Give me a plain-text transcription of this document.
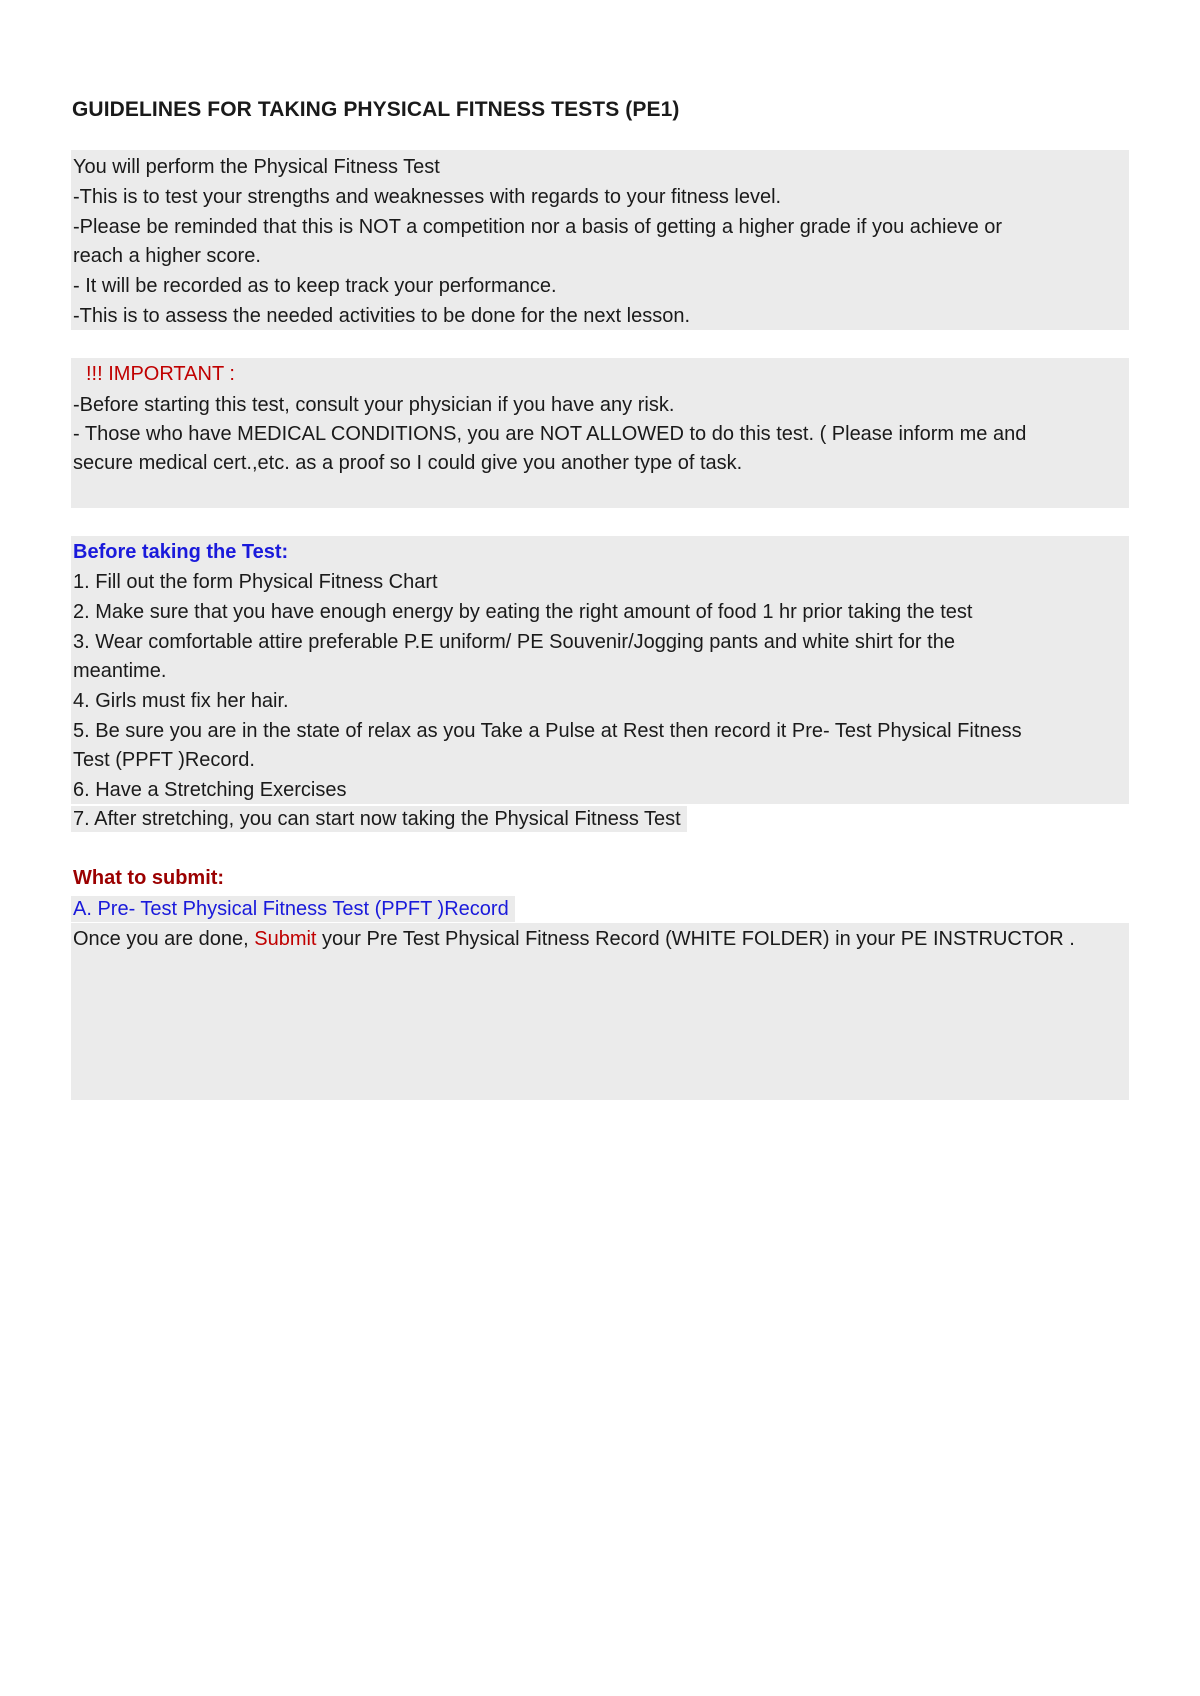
GUIDELINES FOR TAKING PHYSICAL FITNESS TESTS (PE1)
You will perform the Physical Fitness Test
-This is to test your strengths and weaknesses with regards to your fitness level.
-Please be reminded that this is NOT a competition nor a basis of getting a higher grade if you achieve or
reach a higher score.
- It will be recorded as to keep track your performance.
-This is to assess the needed activities to be done for the next lesson.
!!! IMPORTANT :
-Before starting this test, consult your physician if you have any risk.
- Those who have MEDICAL CONDITIONS, you are NOT ALLOWED to do this test. ( Please inform me and
secure medical cert.,etc. as a proof so I could give you another type of task.
Before taking the Test:
1. Fill out the form Physical Fitness Chart
2. Make sure that you have enough energy by eating the right amount of food 1 hr prior taking the test
3. Wear comfortable attire preferable P.E uniform/ PE Souvenir/Jogging pants and white shirt for the
meantime.
4. Girls must fix her hair.
5. Be sure you are in the state of relax as you Take a Pulse at Rest then record it Pre- Test Physical Fitness
Test (PPFT )Record.
6. Have a Stretching Exercises
7. After stretching, you can start now taking the Physical Fitness Test
What to submit:
A. Pre- Test Physical Fitness Test (PPFT )Record
Once you are done, Submit your Pre Test Physical Fitness Record (WHITE FOLDER) in your PE INSTRUCTOR .
